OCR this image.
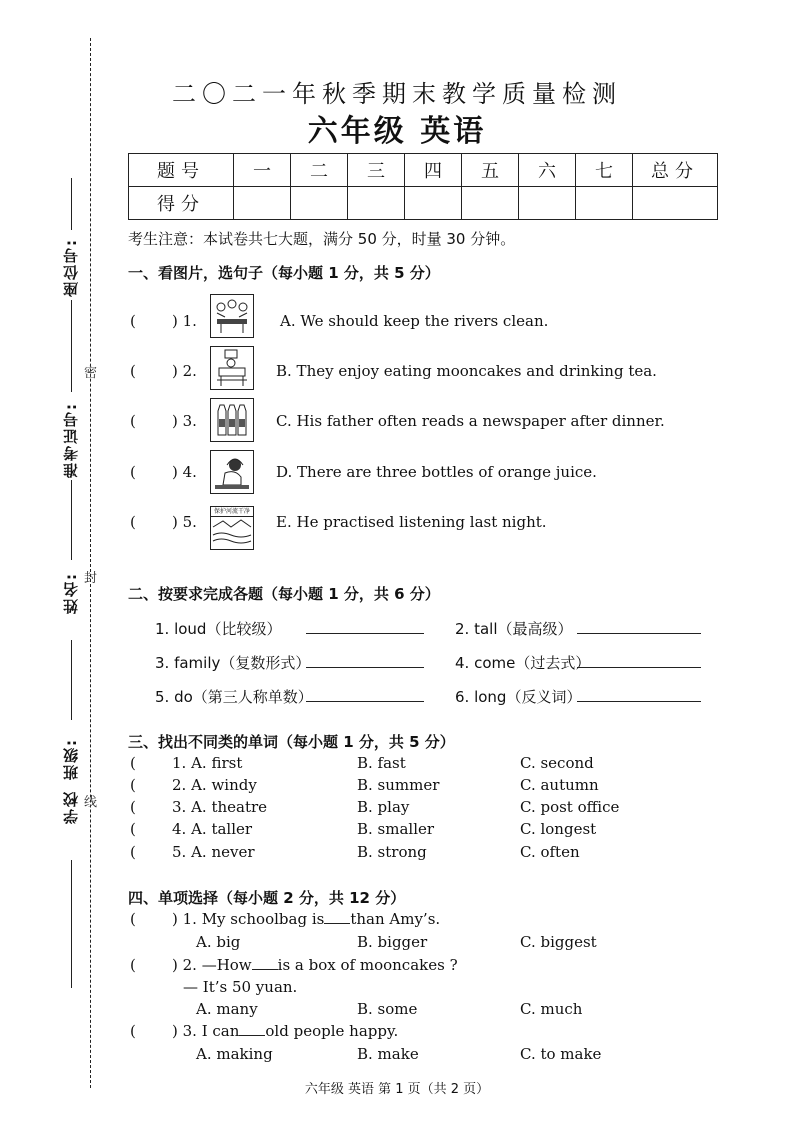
座位号:
准考证号:
姓名:
班级:
学校
密
封
线
二〇二一年秋季期末教学质量检测
六年级 英语
题号	一	二	三	四	五	六	七	总分
得分								
考生注意：本试卷共七大题，满分 50 分，时量 30 分钟。
一、看图片，选句子（每小题 1 分，共 5 分）
( ) 1.	A. We should keep the rivers clean.
( ) 2.	B. They enjoy eating mooncakes and drinking tea.
( ) 3.	C. His father often reads a newspaper after dinner.
( ) 4.	D. There are three bottles of orange juice.
( ) 5.
保护河流干净
E. He practised listening last night.
二、按要求完成各题（每小题 1 分，共 6 分）
1. loud（比较级）	2. tall（最高级）
3. family（复数形式）	4. come（过去式）
5. do（第三人称单数）	6. long（反义词）
三、找出不同类的单词（每小题 1 分，共 5 分）
( 1. A. first	B. fast	C. second
( 2. A. windy	B. summer	C. autumn
( 3. A. theatre	B. play	C. post office
( 4. A. taller	B. smaller	C. longest
( 5. A. never	B. strong	C. often
四、单项选择（每小题 2 分，共 12 分）
( ) 1. My schoolbag is than Amy’s.
A. big	B. bigger	C. biggest
( ) 2. —How is a box of mooncakes ?
— It’s 50 yuan.
A. many	B. some	C. much
( ) 3. I can old people happy.
A. making	B. make	C. to make
六年级 英语 第 1 页（共 2 页）
